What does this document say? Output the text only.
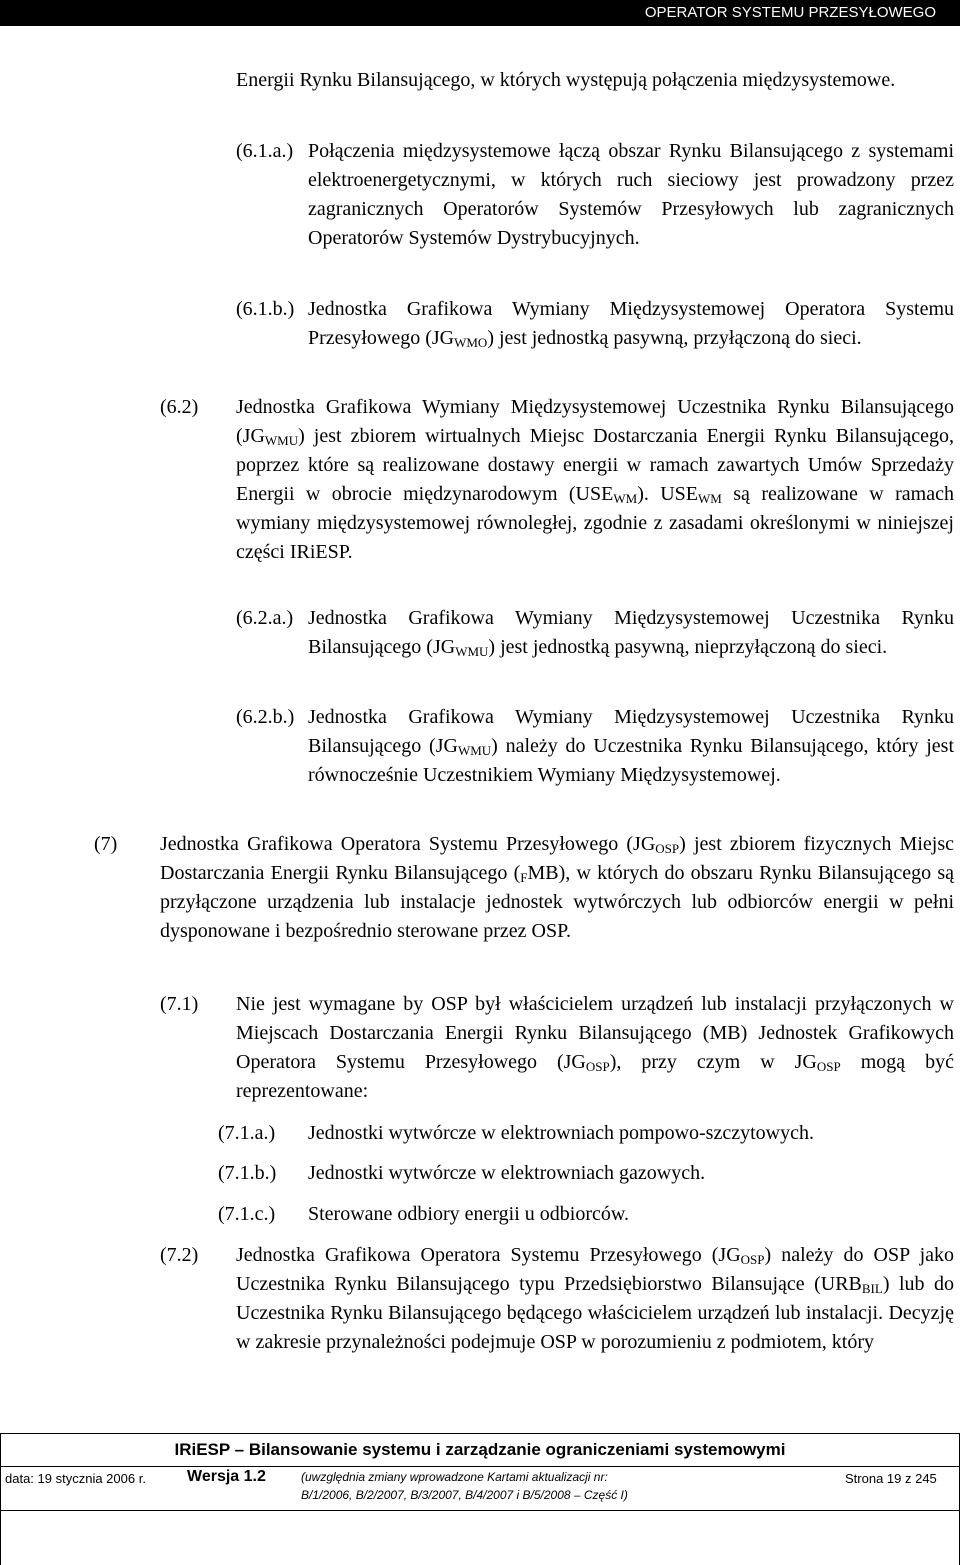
OPERATOR SYSTEMU PRZESYŁOWEGO
Energii Rynku Bilansującego, w których występują połączenia międzysystemowe.
(6.1.a.) Połączenia międzysystemowe łączą obszar Rynku Bilansującego z systemami elektroenergetycznymi, w których ruch sieciowy jest prowadzony przez zagranicznych Operatorów Systemów Przesyłowych lub zagranicznych Operatorów Systemów Dystrybucyjnych.
(6.1.b.) Jednostka Grafikowa Wymiany Międzysystemowej Operatora Systemu Przesyłowego $(JG_{WMO})$ jest jednostką pasywną, przyłączoną do sieci.
(6.2) Jednostka Grafikowa Wymiany Międzysystemowej Uczestnika Rynku Bilansującego $(JG_{WMU})$ jest zbiorem wirtualnych Miejsc Dostarczania Energii Rynku Bilansującego, poprzez które są realizowane dostawy energii w ramach zawartych Umów Sprzedaży Energii w obrocie międzynarodowym $(USE_{WM})$. $USE_{WM}$ są realizowane w ramach wymiany międzysystemowej równoległej, zgodnie z zasadami określonymi w niniejszej części IRiESP.
(6.2.a.) Jednostka Grafikowa Wymiany Międzysystemowej Uczestnika Rynku Bilansującego $(JG_{WMU})$ jest jednostką pasywną, nieprzyłączoną do sieci.
(6.2.b.) Jednostka Grafikowa Wymiany Międzysystemowej Uczestnika Rynku Bilansującego $(JG_{WMU})$ należy do Uczestnika Rynku Bilansującego, który jest równocześnie Uczestnikiem Wymiany Międzysystemowej.
(7) Jednostka Grafikowa Operatora Systemu Przesyłowego $(JG_{OSP})$ jest zbiorem fizycznych Miejsc Dostarczania Energii Rynku Bilansującego $(_FMB)$, w których do obszaru Rynku Bilansującego są przyłączone urządzenia lub instalacje jednostek wytwórczych lub odbiorców energii w pełni dysponowane i bezpośrednio sterowane przez OSP.
(7.1) Nie jest wymagane by OSP był właścicielem urządzeń lub instalacji przyłączonych w Miejscach Dostarczania Energii Rynku Bilansującego (MB) Jednostek Grafikowych Operatora Systemu Przesyłowego $(JG_{OSP})$, przy czym w $JG_{OSP}$ mogą być reprezentowane:
(7.1.a.) Jednostki wytwórcze w elektrowniach pompowo-szczytowych.
(7.1.b.) Jednostki wytwórcze w elektrowniach gazowych.
(7.1.c.) Sterowane odbiory energii u odbiorców.
(7.2) Jednostka Grafikowa Operatora Systemu Przesyłowego $(JG_{OSP})$ należy do OSP jako Uczestnika Rynku Bilansującego typu Przedsiębiorstwo Bilansujące $(URB_{BIL})$ lub do Uczestnika Rynku Bilansującego będącego właścicielem urządzeń lub instalacji. Decyzję w zakresie przynależności podejmuje OSP w porozumieniu z podmiotem, który
IRiESP – Bilansowanie systemu i zarządzanie ograniczeniami systemowymi
data: 19 stycznia 2006 r.	Wersja 1.2	(uwzględnia zmiany wprowadzone Kartami aktualizacji nr:
B/1/2006, B/2/2007, B/3/2007, B/4/2007 i B/5/2008 – Część I)
Strona 19 z 245
